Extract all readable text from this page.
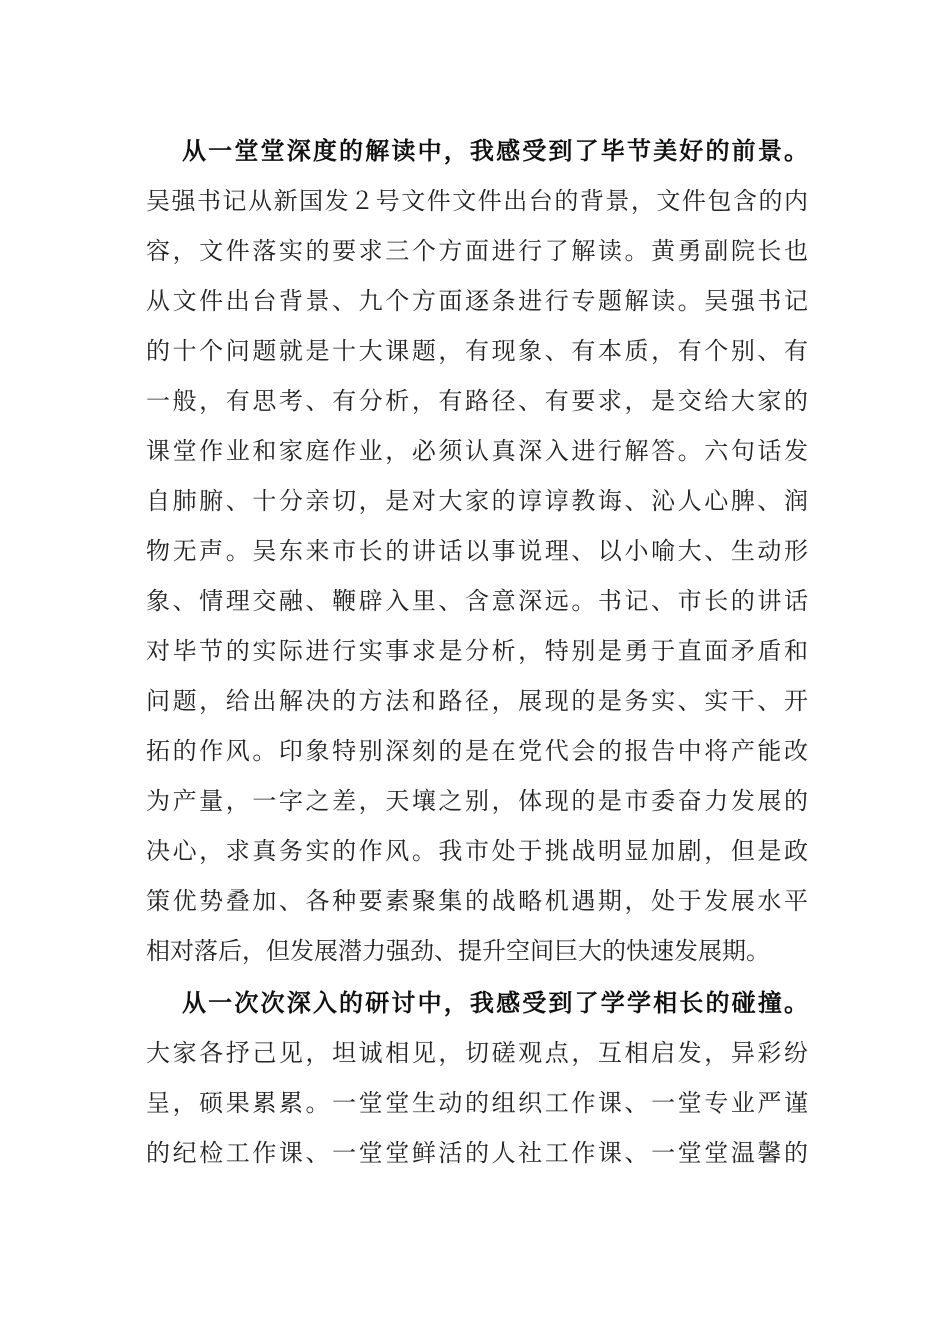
从一堂堂深度的解读中，我感受到了毕节美好的前景。
吴强书记从新国发２号文件文件出台的背景，文件包含的内
容，文件落实的要求三个方面进行了解读。黄勇副院长也
从文件出台背景、九个方面逐条进行专题解读。吴强书记
的十个问题就是十大课题，有现象、有本质，有个别、有
一般，有思考、有分析，有路径、有要求，是交给大家的
课堂作业和家庭作业，必须认真深入进行解答。六句话发
自肺腑、十分亲切，是对大家的谆谆教诲、沁人心脾、润
物无声。吴东来市长的讲话以事说理、以小喻大、生动形
象、情理交融、鞭辟入里、含意深远。书记、市长的讲话
对毕节的实际进行实事求是分析，特别是勇于直面矛盾和
问题，给出解决的方法和路径，展现的是务实、实干、开
拓的作风。印象特别深刻的是在党代会的报告中将产能改
为产量，一字之差，天壤之别，体现的是市委奋力发展的
决心，求真务实的作风。我市处于挑战明显加剧，但是政
策优势叠加、各种要素聚集的战略机遇期，处于发展水平
相对落后，但发展潜力强劲、提升空间巨大的快速发展期。
从一次次深入的研讨中，我感受到了学学相长的碰撞。
大家各抒己见，坦诚相见，切磋观点，互相启发，异彩纷
呈，硕果累累。一堂堂生动的组织工作课、一堂专业严谨
的纪检工作课、一堂堂鲜活的人社工作课、一堂堂温馨的
